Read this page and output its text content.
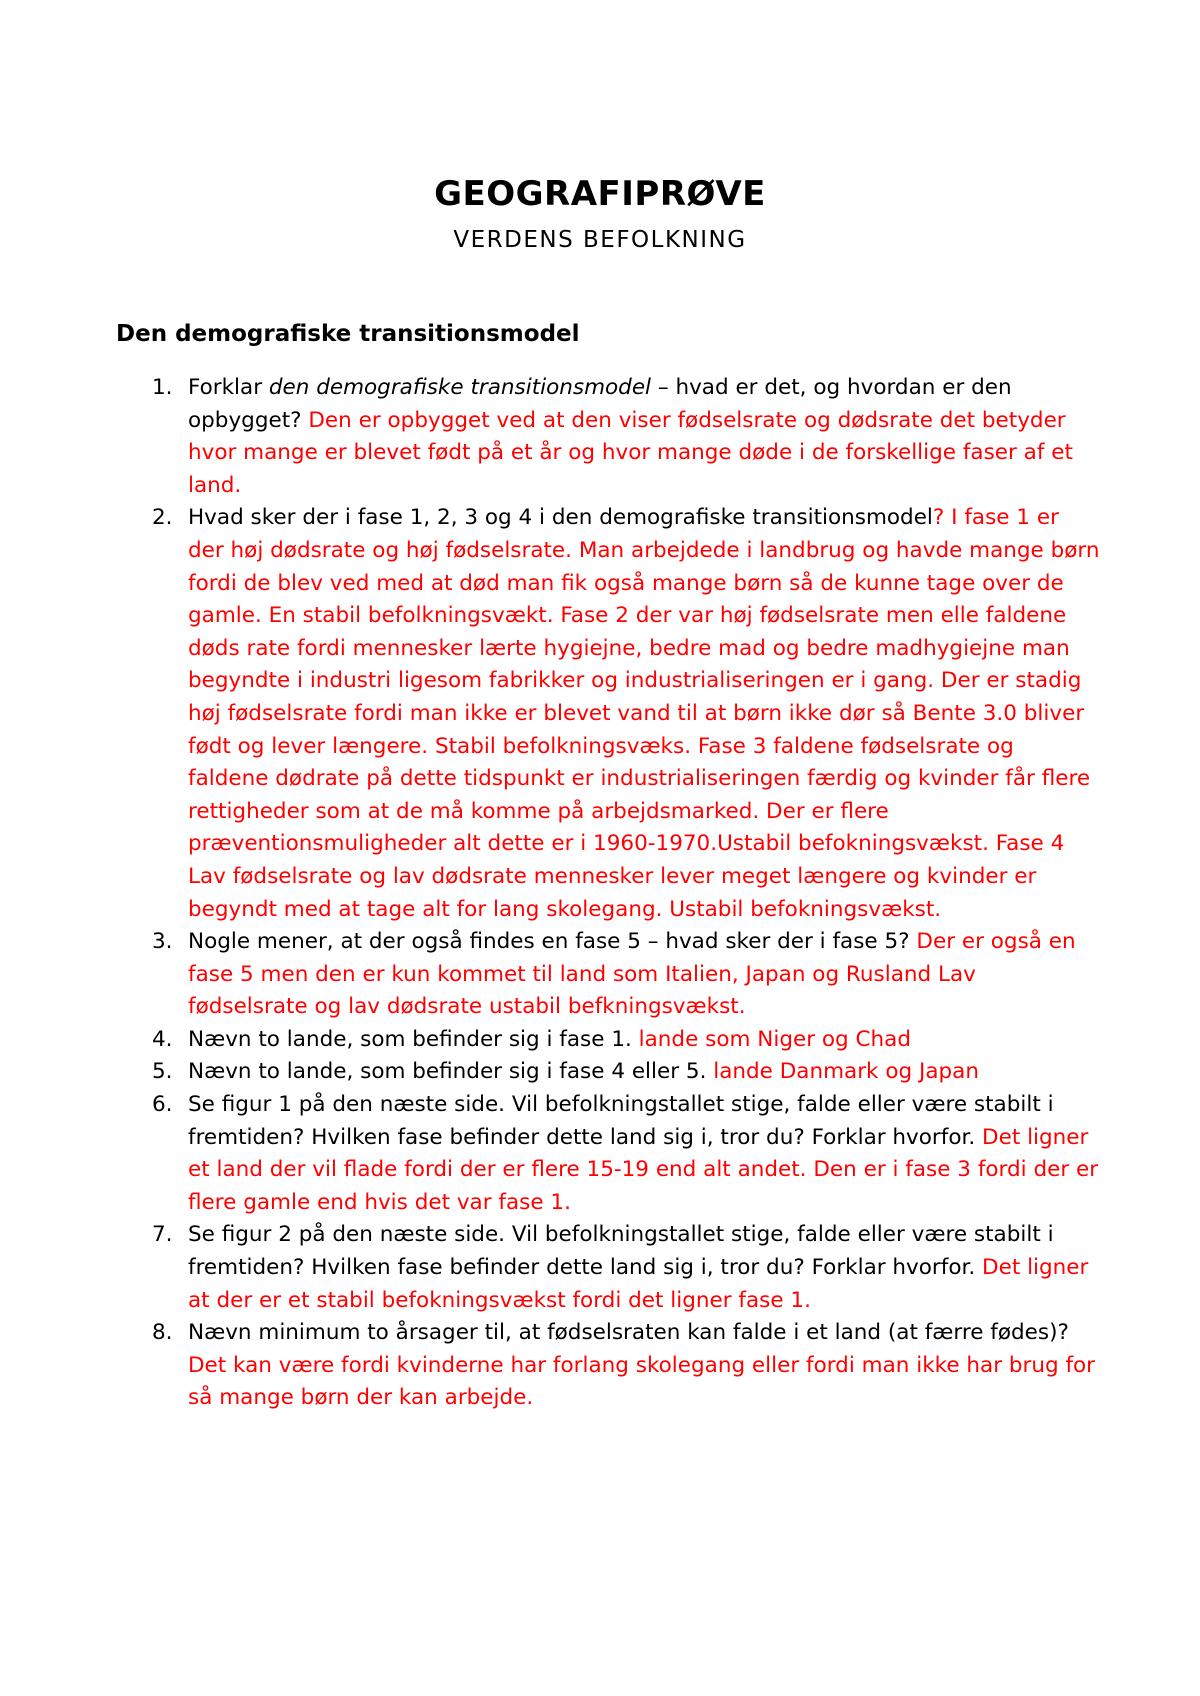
GEOGRAFIPRØVE
VERDENS BEFOLKNING
Den demografiske transitionsmodel
1. Forklar den demografiske transitionsmodel – hvad er det, og hvordan er den opbygget? Den er opbygget ved at den viser fødselsrate og dødsrate det betyder hvor mange er blevet født på et år og hvor mange døde i de forskellige faser af et land.
2. Hvad sker der i fase 1, 2, 3 og 4 i den demografiske transitionsmodel? I fase 1 er der høj dødsrate og høj fødselsrate. Man arbejdede i landbrug og havde mange børn fordi de blev ved med at død man fik også mange børn så de kunne tage over de gamle. En stabil befolkningsvækt. Fase 2 der var høj fødselsrate men elle faldene døds rate fordi mennesker lærte hygiejne, bedre mad og bedre madhygiejne man begyndte i industri ligesom fabrikker og industrialiseringen er i gang. Der er stadig høj fødselsrate fordi man ikke er blevet vand til at børn ikke dør så Bente 3.0 bliver født og lever længere. Stabil befolkningsvæks. Fase 3 faldene fødselsrate og faldene dødrate på dette tidspunkt er industrialiseringen færdig og kvinder får flere rettigheder som at de må komme på arbejdsmarked. Der er flere præventionsmuligheder alt dette er i 1960-1970.Ustabil befokningsvækst. Fase 4 Lav fødselsrate og lav dødsrate mennesker lever meget længere og kvinder er begyndt med at tage alt for lang skolegang. Ustabil befokningsvækst.
3. Nogle mener, at der også findes en fase 5 – hvad sker der i fase 5? Der er også en fase 5 men den er kun kommet til land som Italien, Japan og Rusland Lav fødselsrate og lav dødsrate ustabil befkningsvækst.
4. Nævn to lande, som befinder sig i fase 1. lande som Niger og Chad
5. Nævn to lande, som befinder sig i fase 4 eller 5. lande Danmark og Japan
6. Se figur 1 på den næste side. Vil befolkningstallet stige, falde eller være stabilt i fremtiden? Hvilken fase befinder dette land sig i, tror du? Forklar hvorfor. Det ligner et land der vil flade fordi der er flere 15-19 end alt andet. Den er i fase 3 fordi der er flere gamle end hvis det var fase 1.
7. Se figur 2 på den næste side. Vil befolkningstallet stige, falde eller være stabilt i fremtiden? Hvilken fase befinder dette land sig i, tror du? Forklar hvorfor. Det ligner at der er et stabil befokningsvækst fordi det ligner fase 1.
8. Nævn minimum to årsager til, at fødselsraten kan falde i et land (at færre fødes)? Det kan være fordi kvinderne har forlang skolegang eller fordi man ikke har brug for så mange børn der kan arbejde.
